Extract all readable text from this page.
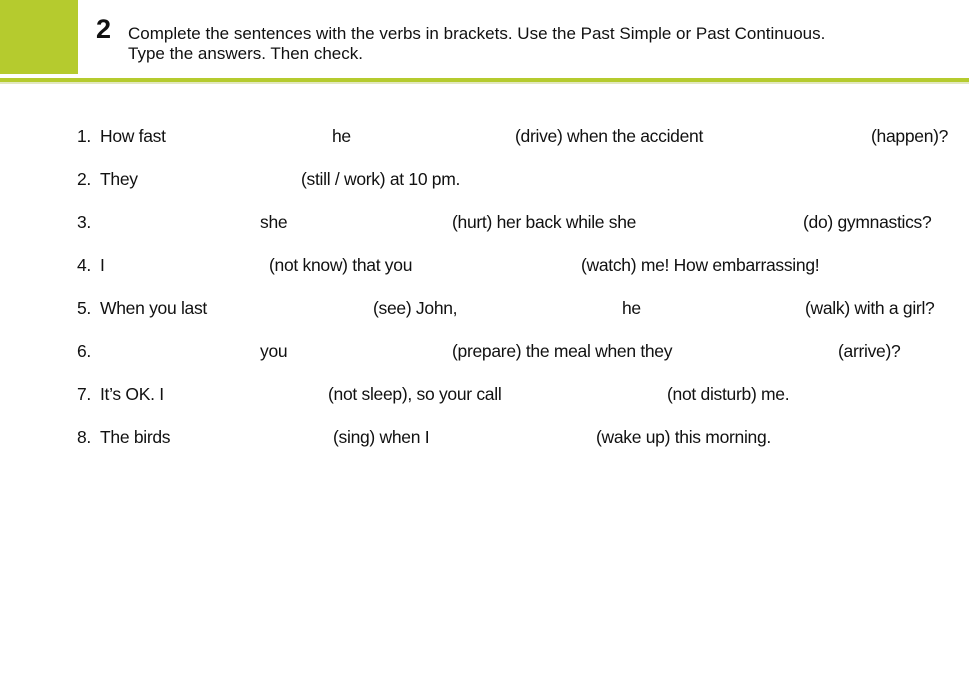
2 Complete the sentences with the verbs in brackets. Use the Past Simple or Past Continuous.
Type the answers. Then check.
1. How fast	he	(drive) when the accident	(happen)?
2. They	(still / work) at 10 pm.
3.	she	(hurt) her back while she	(do) gymnastics?
4. I	(not know) that you	(watch) me! How embarrassing!
5. When you last	(see) John,	he	(walk) with a girl?
6.	you	(prepare) the meal when they	(arrive)?
7. It’s OK. I	(not sleep), so your call	(not disturb) me.
8. The birds	(sing) when I	(wake up) this morning.
